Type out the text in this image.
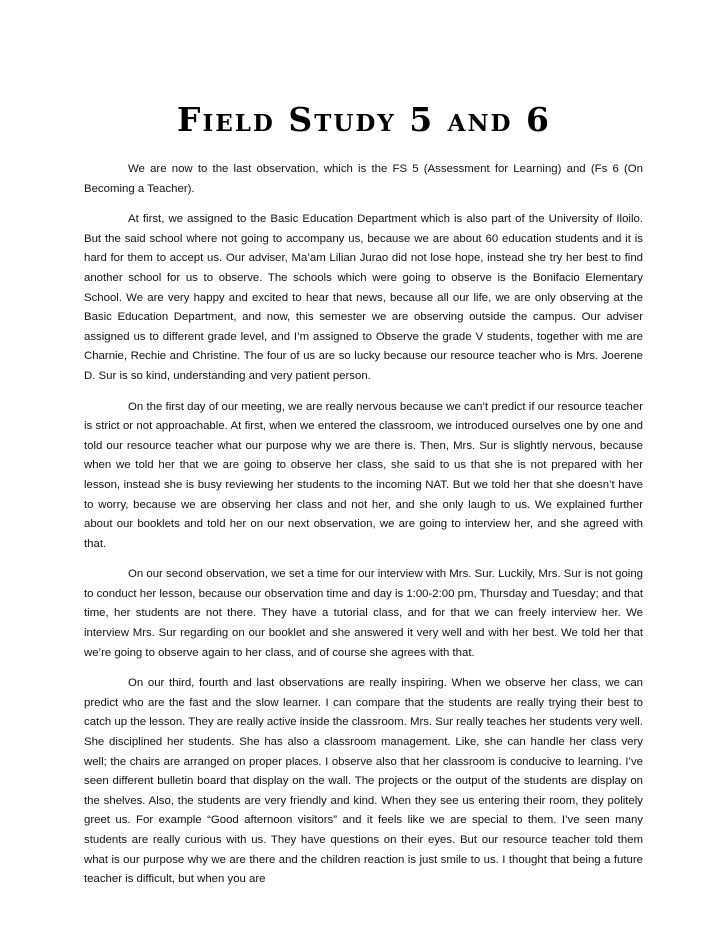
Field Study 5 and 6

We are now to the last observation, which is the FS 5 (Assessment for Learning) and (Fs 6 (On Becoming a Teacher).

At first, we assigned to the Basic Education Department which is also part of the University of Iloilo. But the said school where not going to accompany us, because we are about 60 education students and it is hard for them to accept us. Our adviser, Ma’am Lilian Jurao did not lose hope, instead she try her best to find another school for us to observe. The schools which were going to observe is the Bonifacio Elementary School. We are very happy and excited to hear that news, because all our life, we are only observing at the Basic Education Department, and now, this semester we are observing outside the campus. Our adviser assigned us to different grade level, and I’m assigned to Observe the grade V students, together with me are Charnie, Rechie and Christine. The four of us are so lucky because our resource teacher who is Mrs. Joerene D. Sur is so kind, understanding and very patient person.

On the first day of our meeting, we are really nervous because we can’t predict if our resource teacher is strict or not approachable. At first, when we entered the classroom, we introduced ourselves one by one and told our resource teacher what our purpose why we are there is. Then, Mrs. Sur is slightly nervous, because when we told her that we are going to observe her class, she said to us that she is not prepared with her lesson, instead she is busy reviewing her students to the incoming NAT. But we told her that she doesn’t have to worry, because we are observing her class and not her, and she only laugh to us. We explained further about our booklets and told her on our next observation, we are going to interview her, and she agreed with that.

On our second observation, we set a time for our interview with Mrs. Sur. Luckily, Mrs. Sur is not going to conduct her lesson, because our observation time and day is 1:00-2:00 pm, Thursday and Tuesday; and that time, her students are not there. They have a tutorial class, and for that we can freely interview her. We interview Mrs. Sur regarding on our booklet and she answered it very well and with her best. We told her that we’re going to observe again to her class, and of course she agrees with that.

On our third, fourth and last observations are really inspiring. When we observe her class, we can predict who are the fast and the slow learner. I can compare that the students are really trying their best to catch up the lesson. They are really active inside the classroom. Mrs. Sur really teaches her students very well. She disciplined her students. She has also a classroom management. Like, she can handle her class very well; the chairs are arranged on proper places. I observe also that her classroom is conducive to learning. I’ve seen different bulletin board that display on the wall. The projects or the output of the students are display on the shelves. Also, the students are very friendly and kind. When they see us entering their room, they politely greet us. For example “Good afternoon visitors” and it feels like we are special to them. I’ve seen many students are really curious with us. They have questions on their eyes. But our resource teacher told them what is our purpose why we are there and the children reaction is just smile to us. I thought that being a future teacher is difficult, but when you are
